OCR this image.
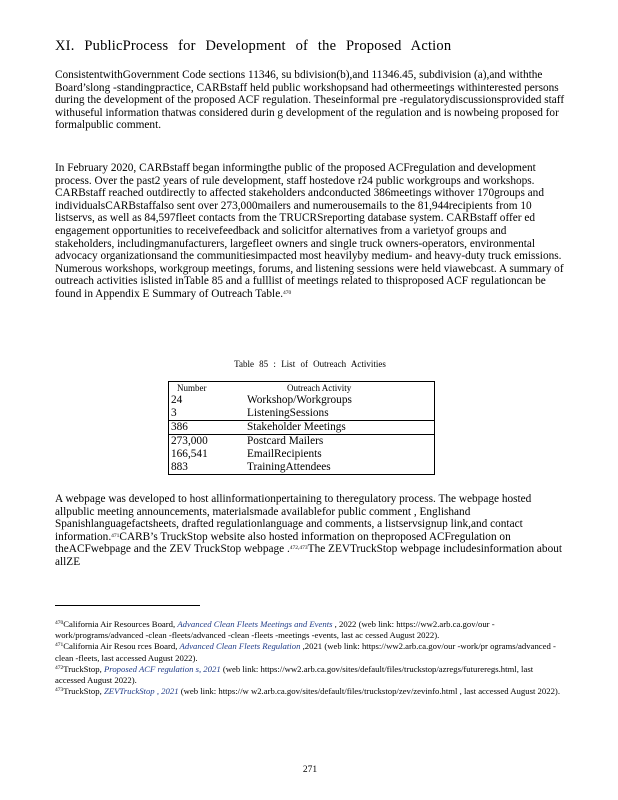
XI. PublicProcess for Development of the Proposed Action

ConsistentwithGovernment Code sections 11346, su bdivision(b),and 11346.45, subdivision (a),and withthe Board’slong -standingpractice, CARBstaff held public workshopsand had othermeetings withinterested persons during the development of the proposed ACF regulation. Theseinformal pre -regulatorydiscussionsprovided staff withuseful information thatwas considered durin g development of the regulation and is nowbeing proposed for formalpublic comment.

In February 2020, CARBstaff began informingthe public of the proposed ACFregulation and development process. Over the past2 years of rule development, staff hostedove r24 public workgroups and workshops. CARBstaff reached outdirectly to affected stakeholders andconducted 386meetings withover 170groups and individualsCARBstaffalso sent over 273,000mailers and numerousemails to the 81,944recipients from 10 listservs, as well as 84,597fleet contacts from the TRUCRSreporting database system. CARBstaff offer ed engagement opportunities to receivefeedback and solicitfor alternatives from a varietyof groups and stakeholders, includingmanufacturers, largefleet owners and single truck owners-operators, environmental advocacy organizationsand the communitiesimpacted most heavilyby medium- and heavy-duty truck emissions. Numerous workshops, workgroup meetings, forums, and listening sessions were held viawebcast. A summary of outreach activities islisted inTable 85 and a fulllist of meetings related to thisproposed ACF regulationcan be found in Appendix E Summary of Outreach Table.$^{470}$

Table 85 : List of Outreach Activities
Number	Outreach Activity
24	Workshop/Workgroups
3	ListeningSessions
386	Stakeholder Meetings
273,000	Postcard Mailers
166,541	EmailRecipients
883	TrainingAttendees

A webpage was developed to host allinformationpertaining to theregulatory process. The webpage hosted allpublic meeting announcements, materialsmade availablefor public comment , Englishand Spanishlanguagefactsheets, drafted regulationlanguage and comments, a listservsignup link,and contact information.$^{471}$CARB’s TruckStop website also hosted information on theproposed ACFregulation on theACFwebpage and the ZEV TruckStop webpage .$^{472,473}$The ZEVTruckStop webpage includesinformation about allZE

$^{470}$California Air Resources Board, Advanced Clean Fleets Meetings and Events , 2022 (web link: https://ww2.arb.ca.gov/our -work/programs/advanced -clean -fleets/advanced -clean -fleets -meetings -events, last ac cessed August 2022).
$^{471}$California Air Resou rces Board, Advanced Clean Fleets Regulation ,2021 (web link: https://ww2.arb.ca.gov/our -work/pr ograms/advanced -clean -fleets, last accessed August 2022).
$^{472}$TruckStop, Proposed ACF regulation s, 2021 (web link: https://ww2.arb.ca.gov/sites/default/files/truckstop/azregs/futureregs.html, last accessed August 2022).
$^{473}$TruckStop, ZEVTruckStop , 2021 (web link: https://w w2.arb.ca.gov/sites/default/files/truckstop/zev/zevinfo.html , last accessed August 2022).
271
